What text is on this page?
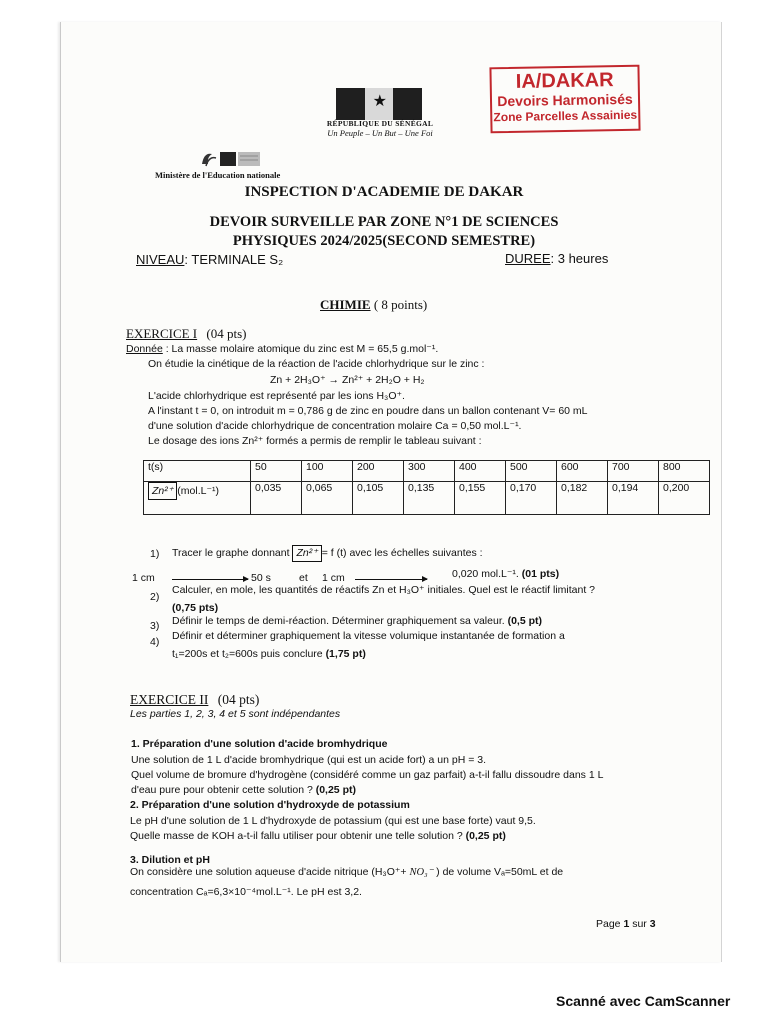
★
RÉPUBLIQUE DU SÉNÉGAL
Un Peuple – Un But – Une Foi
IA/DAKAR
Devoirs Harmonisés
Zone Parcelles Assainies
Ministère de l'Education nationale
INSPECTION D'ACADEMIE DE DAKAR
DEVOIR SURVEILLE PAR ZONE N°1 DE SCIENCES
PHYSIQUES 2024/2025(SECOND SEMESTRE)
NIVEAU: TERMINALE S₂	DUREE: 3 heures
CHIMIE ( 8 points)
EXERCICE I (04 pts)
Donnée : La masse molaire atomique du zinc est M = 65,5 g.mol⁻¹.
On étudie la cinétique de la réaction de l'acide chlorhydrique sur le zinc :
Zn + 2H₃O⁺ → Zn²⁺ + 2H₂O + H₂
L'acide chlorhydrique est représenté par les ions H₃O⁺.
A l'instant t = 0, on introduit m = 0,786 g de zinc en poudre dans un ballon contenant V= 60 mL
d'une solution d'acide chlorhydrique de concentration molaire Ca = 0,50 mol.L⁻¹.
Le dosage des ions Zn²⁺ formés a permis de remplir le tableau suivant :
t(s)	50	100	200	300	400	500	600	700	800
Zn²⁺ (mol.L⁻¹)	0,035	0,065	0,105	0,135	0,155	0,170	0,182	0,194	0,200
1) Tracer le graphe donnant Zn²⁺ = f (t) avec les échelles suivantes :
1 cm	50 s	et 1 cm	0,020 mol.L⁻¹. (01 pts)
2)
Calculer, en mole, les quantités de réactifs Zn et H₃O⁺ initiales. Quel est le réactif limitant ?
(0,75 pts)
3) Définir le temps de demi-réaction. Déterminer graphiquement sa valeur. (0,5 pt)
4) Définir et déterminer graphiquement la vitesse volumique instantanée de formation a
t₁=200s et t₂=600s puis conclure (1,75 pt)
EXERCICE II (04 pts)
Les parties 1, 2, 3, 4 et 5 sont indépendantes
1. Préparation d'une solution d'acide bromhydrique
Une solution de 1 L d'acide bromhydrique (qui est un acide fort) a un pH = 3.
Quel volume de bromure d'hydrogène (considéré comme un gaz parfait) a-t-il fallu dissoudre dans 1 L
d'eau pure pour obtenir cette solution ? (0,25 pt)
2. Préparation d'une solution d'hydroxyde de potassium
Le pH d'une solution de 1 L d'hydroxyde de potassium (qui est une base forte) vaut 9,5.
Quelle masse de KOH a-t-il fallu utiliser pour obtenir une telle solution ? (0,25 pt)
3. Dilution et pH
On considère une solution aqueuse d'acide nitrique (H₃O⁺+ NO₃⁻ ) de volume Vₐ=50mL et de
concentration Cₐ=6,3×10⁻⁴mol.L⁻¹. Le pH est 3,2.
Page 1 sur 3
Scanné avec CamScanner
